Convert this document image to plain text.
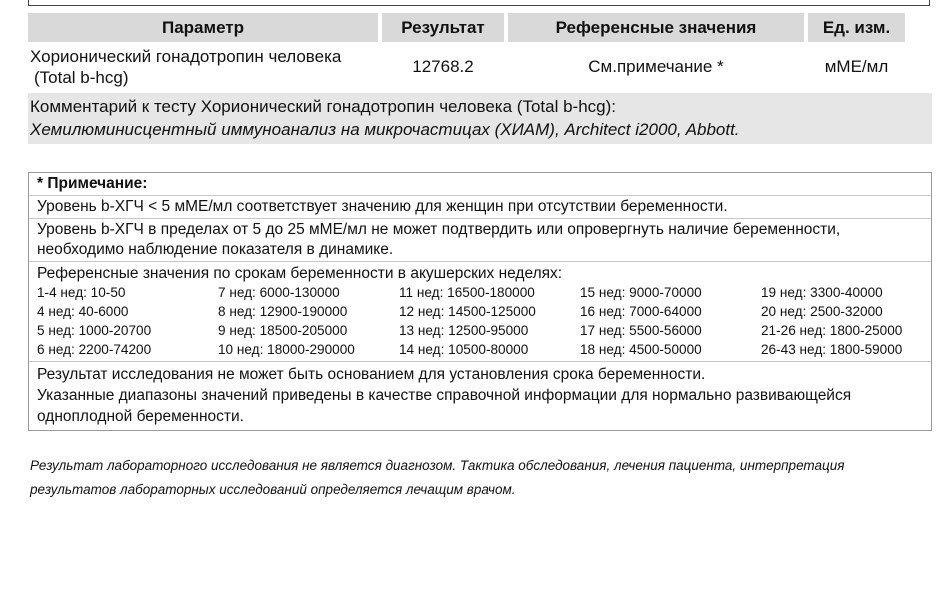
Параметр	Результат	Референсные значения	Ед. изм.
Хорионический гонадотропин человека
(Total b-hcg)
12768.2	См.примечание *	мМЕ/мл
Комментарий к тесту Хорионический гонадотропин человека (Total b-hcg):
Хемилюминисцентный иммуноанализ на микрочастицах (ХИАМ), Architect i2000, Abbott.
* Примечание:
Уровень b-ХГЧ < 5 мМЕ/мл соответствует значению для женщин при отсутствии беременности.
Уровень b-ХГЧ в пределах от 5 до 25 мМЕ/мл не может подтвердить или опровергнуть наличие беременности,
необходимо наблюдение показателя в динамике.
Референсные значения по срокам беременности в акушерских неделях:
1-4 нед: 10-50	7 нед: 6000-130000	11 нед: 16500-180000	15 нед: 9000-70000	19 нед: 3300-40000
4 нед: 40-6000	8 нед: 12900-190000	12 нед: 14500-125000	16 нед: 7000-64000	20 нед: 2500-32000
5 нед: 1000-20700	9 нед: 18500-205000	13 нед: 12500-95000	17 нед: 5500-56000	21-26 нед: 1800-25000
6 нед: 2200-74200	10 нед: 18000-290000	14 нед: 10500-80000	18 нед: 4500-50000	26-43 нед: 1800-59000
Результат исследования не может быть основанием для установления срока беременности.
Указанные диапазоны значений приведены в качестве справочной информации для нормально развивающейся
одноплодной беременности.
Результат лабораторного исследования не является диагнозом. Тактика обследования, лечения пациента, интерпретация
результатов лабораторных исследований определяется лечащим врачом.
